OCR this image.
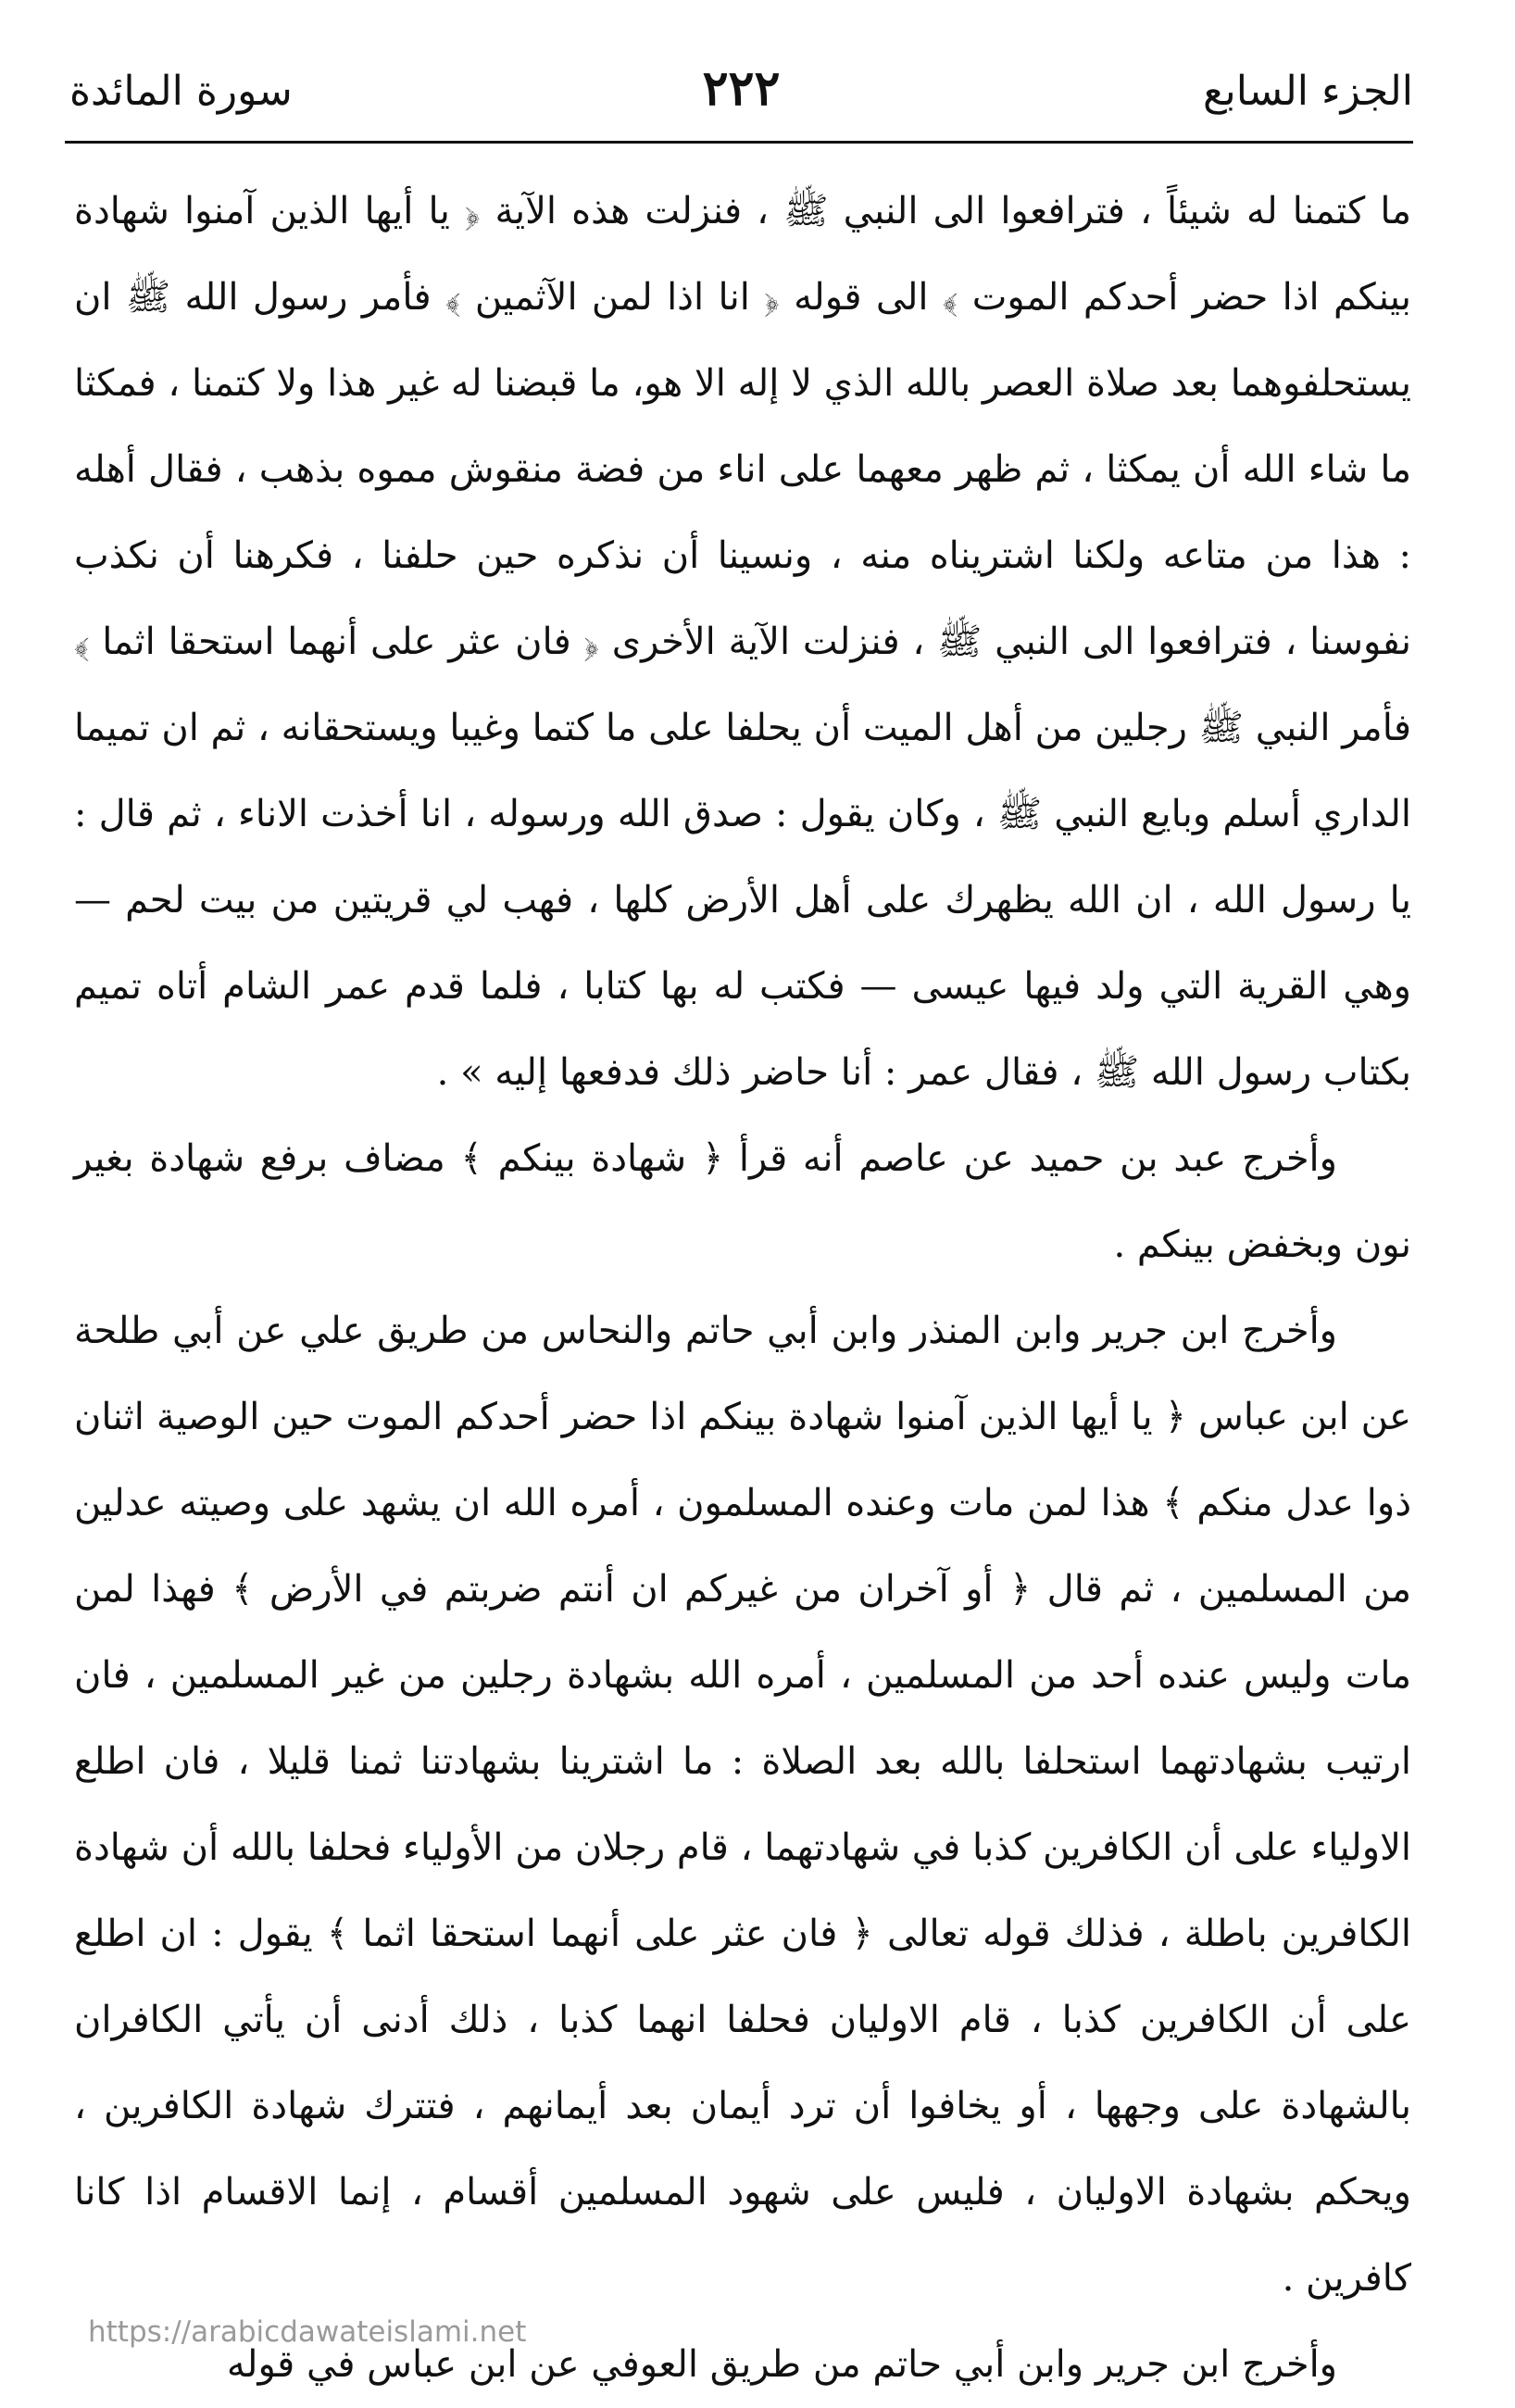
الجزء السابع
٢٢٢
سورة المائدة

ما كتمنا له شيئاً ، فترافعوا الى النبي ﷺ ، فنزلت هذه الآية ﴿ يا أيها الذين آمنوا شهادة بينكم اذا حضر أحدكم الموت ﴾ الى قوله ﴿ انا اذا لمن الآثمين ﴾ فأمر رسول الله ﷺ ان يستحلفوهما بعد صلاة العصر بالله الذي لا إله الا هو، ما قبضنا له غير هذا ولا كتمنا ، فمكثا ما شاء الله أن يمكثا ، ثم ظهر معهما على اناء من فضة منقوش مموه بذهب ، فقال أهله : هذا من متاعه ولكنا اشتريناه منه ، ونسينا أن نذكره حين حلفنا ، فكرهنا أن نكذب نفوسنا ، فترافعوا الى النبي ﷺ ، فنزلت الآية الأخرى ﴿ فان عثر على أنهما استحقا اثما ﴾ فأمر النبي ﷺ رجلين من أهل الميت أن يحلفا على ما كتما وغيبا ويستحقانه ، ثم ان تميما الداري أسلم وبايع النبي ﷺ ، وكان يقول : صدق الله ورسوله ، انا أخذت الاناء ، ثم قال : يا رسول الله ، ان الله يظهرك على أهل الأرض كلها ، فهب لي قريتين من بيت لحم — وهي القرية التي ولد فيها عيسى — فكتب له بها كتابا ، فلما قدم عمر الشام أتاه تميم بكتاب رسول الله ﷺ ، فقال عمر : أنا حاضر ذلك فدفعها إليه » .

وأخرج عبد بن حميد عن عاصم أنه قرأ ﴿ شهادة بينكم ﴾ مضاف برفع شهادة بغير نون وبخفض بينكم .

وأخرج ابن جرير وابن المنذر وابن أبي حاتم والنحاس من طريق علي عن أبي طلحة عن ابن عباس ﴿ يا أيها الذين آمنوا شهادة بينكم اذا حضر أحدكم الموت حين الوصية اثنان ذوا عدل منكم ﴾ هذا لمن مات وعنده المسلمون ، أمره الله ان يشهد على وصيته عدلين من المسلمين ، ثم قال ﴿ أو آخران من غيركم ان أنتم ضربتم في الأرض ﴾ فهذا لمن مات وليس عنده أحد من المسلمين ، أمره الله بشهادة رجلين من غير المسلمين ، فان ارتيب بشهادتهما استحلفا بالله بعد الصلاة : ما اشترينا بشهادتنا ثمنا قليلا ، فان اطلع الاولياء على أن الكافرين كذبا في شهادتهما ، قام رجلان من الأولياء فحلفا بالله أن شهادة الكافرين باطلة ، فذلك قوله تعالى ﴿ فان عثر على أنهما استحقا اثما ﴾ يقول : ان اطلع على أن الكافرين كذبا ، قام الاوليان فحلفا انهما كذبا ، ذلك أدنى أن يأتي الكافران بالشهادة على وجهها ، أو يخافوا أن ترد أيمان بعد أيمانهم ، فتترك شهادة الكافرين ، ويحكم بشهادة الاوليان ، فليس على شهود المسلمين أقسام ، إنما الاقسام اذا كانا كافرين .

وأخرج ابن جرير وابن أبي حاتم من طريق العوفي عن ابن عباس في قوله

https://arabicdawateislami.net
